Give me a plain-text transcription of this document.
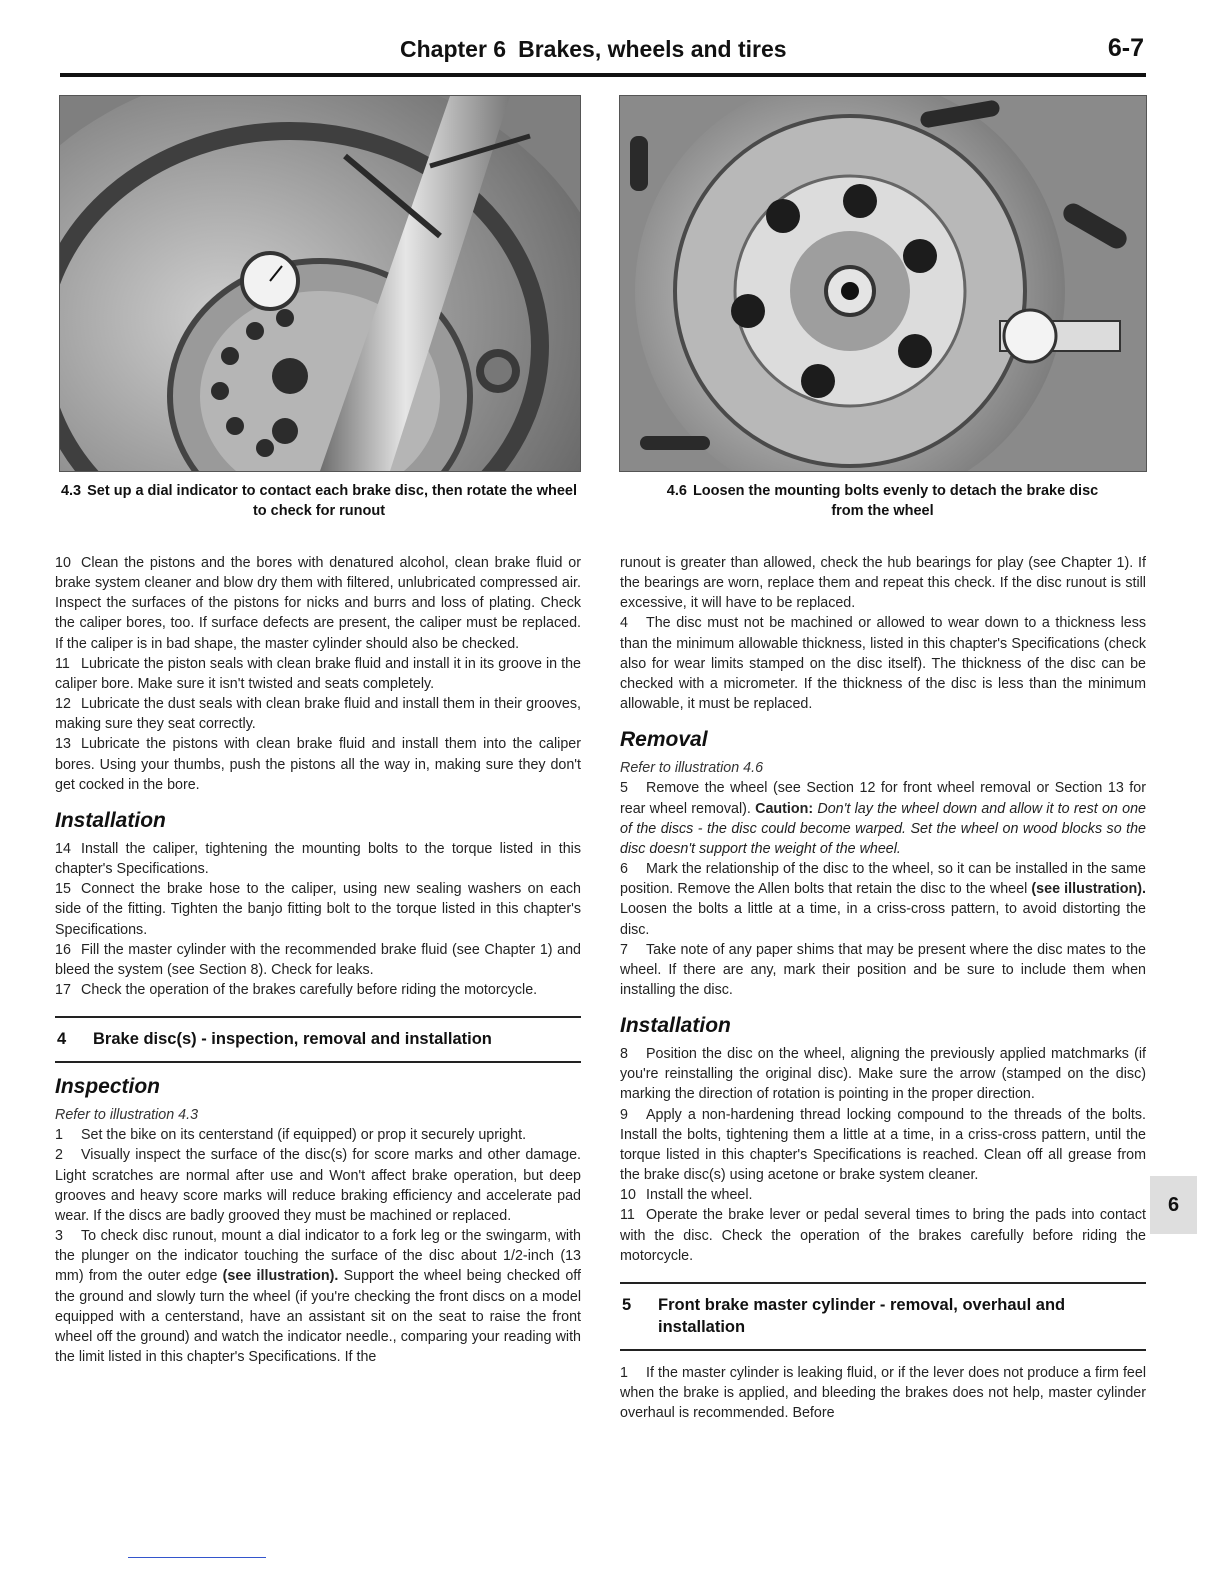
Chapter 6 Brakes, wheels and tires	6-7
4.3 Set up a dial indicator to contact each brake disc, then rotate the wheel to check for runout
4.6 Loosen the mounting bolts evenly to detach the brake disc from the wheel

10 Clean the pistons and the bores with denatured alcohol, clean brake fluid or brake system cleaner and blow dry them with filtered, unlubricated compressed air. Inspect the surfaces of the pistons for nicks and burrs and loss of plating. Check the caliper bores, too. If surface defects are present, the caliper must be replaced. If the caliper is in bad shape, the master cylinder should also be checked.

11 Lubricate the piston seals with clean brake fluid and install it in its groove in the caliper bore. Make sure it isn't twisted and seats completely.

12 Lubricate the dust seals with clean brake fluid and install them in their grooves, making sure they seat correctly.

13 Lubricate the pistons with clean brake fluid and install them into the caliper bores. Using your thumbs, push the pistons all the way in, making sure they don't get cocked in the bore.

Installation

14 Install the caliper, tightening the mounting bolts to the torque listed in this chapter's Specifications.

15 Connect the brake hose to the caliper, using new sealing washers on each side of the fitting. Tighten the banjo fitting bolt to the torque listed in this chapter's Specifications.

16 Fill the master cylinder with the recommended brake fluid (see Chapter 1) and bleed the system (see Section 8). Check for leaks.

17 Check the operation of the brakes carefully before riding the motorcycle.

4	Brake disc(s) - inspection, removal and installation
Inspection

Refer to illustration 4.3

1 Set the bike on its centerstand (if equipped) or prop it securely upright.

2 Visually inspect the surface of the disc(s) for score marks and other damage. Light scratches are normal after use and Won't affect brake operation, but deep grooves and heavy score marks will reduce braking efficiency and accelerate pad wear. If the discs are badly grooved they must be machined or replaced.

3 To check disc runout, mount a dial indicator to a fork leg or the swingarm, with the plunger on the indicator touching the surface of the disc about 1/2-inch (13 mm) from the outer edge (see illustration). Support the wheel being checked off the ground and slowly turn the wheel (if you're checking the front discs on a model equipped with a centerstand, have an assistant sit on the seat to raise the front wheel off the ground) and watch the indicator needle., comparing your reading with the limit listed in this chapter's Specifications. If the

runout is greater than allowed, check the hub bearings for play (see Chapter 1). If the bearings are worn, replace them and repeat this check. If the disc runout is still excessive, it will have to be replaced.

4 The disc must not be machined or allowed to wear down to a thickness less than the minimum allowable thickness, listed in this chapter's Specifications (check also for wear limits stamped on the disc itself). The thickness of the disc can be checked with a micrometer. If the thickness of the disc is less than the minimum allowable, it must be replaced.

Removal

Refer to illustration 4.6

5 Remove the wheel (see Section 12 for front wheel removal or Section 13 for rear wheel removal). Caution: Don't lay the wheel down and allow it to rest on one of the discs - the disc could become warped. Set the wheel on wood blocks so the disc doesn't support the weight of the wheel.

6 Mark the relationship of the disc to the wheel, so it can be installed in the same position. Remove the Allen bolts that retain the disc to the wheel (see illustration). Loosen the bolts a little at a time, in a criss-cross pattern, to avoid distorting the disc.

7 Take note of any paper shims that may be present where the disc mates to the wheel. If there are any, mark their position and be sure to include them when installing the disc.

Installation

8 Position the disc on the wheel, aligning the previously applied matchmarks (if you're reinstalling the original disc). Make sure the arrow (stamped on the disc) marking the direction of rotation is pointing in the proper direction.

9 Apply a non-hardening thread locking compound to the threads of the bolts. Install the bolts, tightening them a little at a time, in a criss-cross pattern, until the torque listed in this chapter's Specifications is reached. Clean off all grease from the brake disc(s) using acetone or brake system cleaner.

10 Install the wheel.

11 Operate the brake lever or pedal several times to bring the pads into contact with the disc. Check the operation of the brakes carefully before riding the motorcycle.

5	Front brake master cylinder - removal, overhaul and installation

1 If the master cylinder is leaking fluid, or if the lever does not produce a firm feel when the brake is applied, and bleeding the brakes does not help, master cylinder overhaul is recommended. Before

6
